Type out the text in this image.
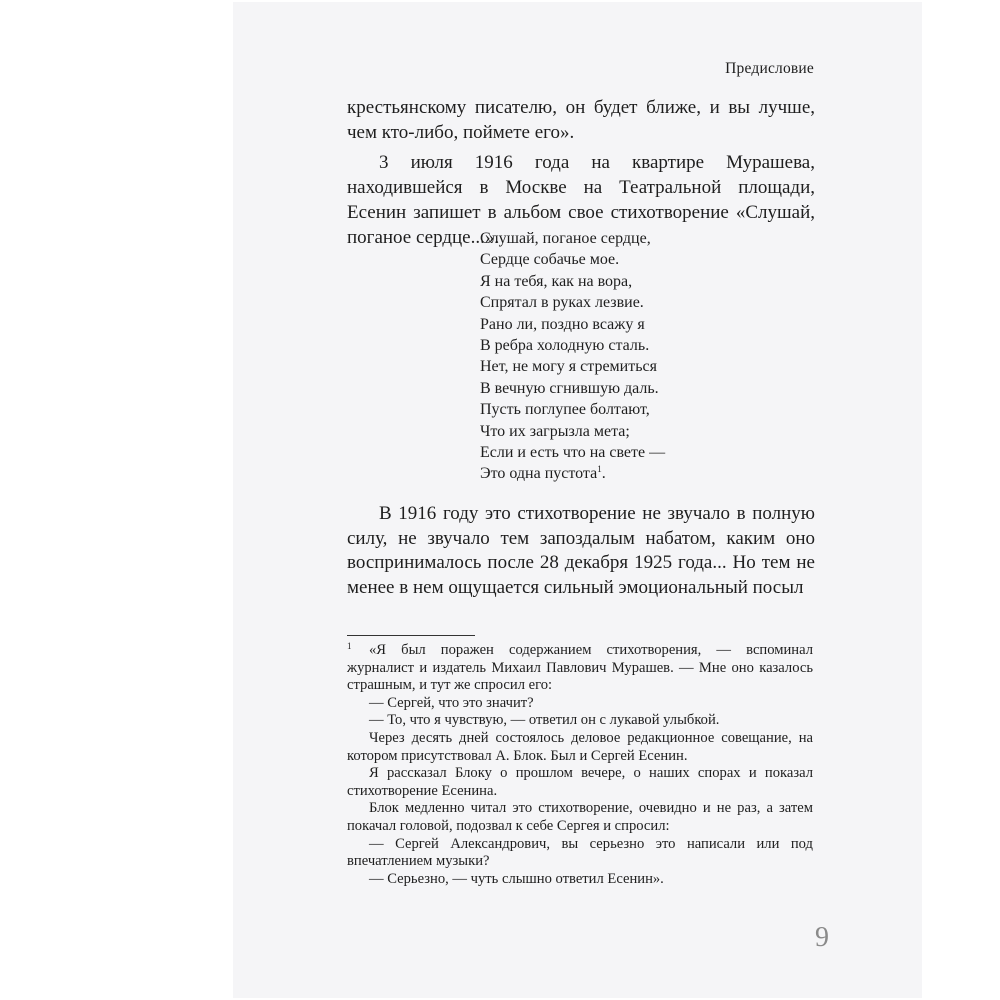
Предисловие

крестьянскому писателю, он будет ближе, и вы лучше, чем кто-либо, поймете его».

3 июля 1916 года на квартире Мурашева, находившейся в Москве на Театральной площади, Есенин запишет в альбом свое стихотворение «Слушай, поганое сердце...».

Слушай, поганое сердце,
Сердце собачье мое.
Я на тебя, как на вора,
Спрятал в руках лезвие.
Рано ли, поздно всажу я
В ребра холодную сталь.
Нет, не могу я стремиться
В вечную сгнившую даль.
Пусть поглупее болтают,
Что их загрызла мета;
Если и есть что на свете —
Это одна пустота$^1$.

В 1916 году это стихотворение не звучало в полную силу, не звучало тем запоздалым набатом, каким оно воспринималось после 28 декабря 1925 года... Но тем не менее в нем ощущается сильный эмоциональный посыл

1 «Я был поражен содержанием стихотворения, — вспоминал журналист и издатель Михаил Павлович Мурашев. — Мне оно казалось страшным, и тут же спросил его:

— Сергей, что это значит?

— То, что я чувствую, — ответил он с лукавой улыбкой.

Через десять дней состоялось деловое редакционное совещание, на котором присутствовал А. Блок. Был и Сергей Есенин.

Я рассказал Блоку о прошлом вечере, о наших спорах и показал стихотворение Есенина.

Блок медленно читал это стихотворение, очевидно и не раз, а затем покачал головой, подозвал к себе Сергея и спросил:

— Сергей Александрович, вы серьезно это написали или под впечатлением музыки?

— Серьезно, — чуть слышно ответил Есенин».

9
